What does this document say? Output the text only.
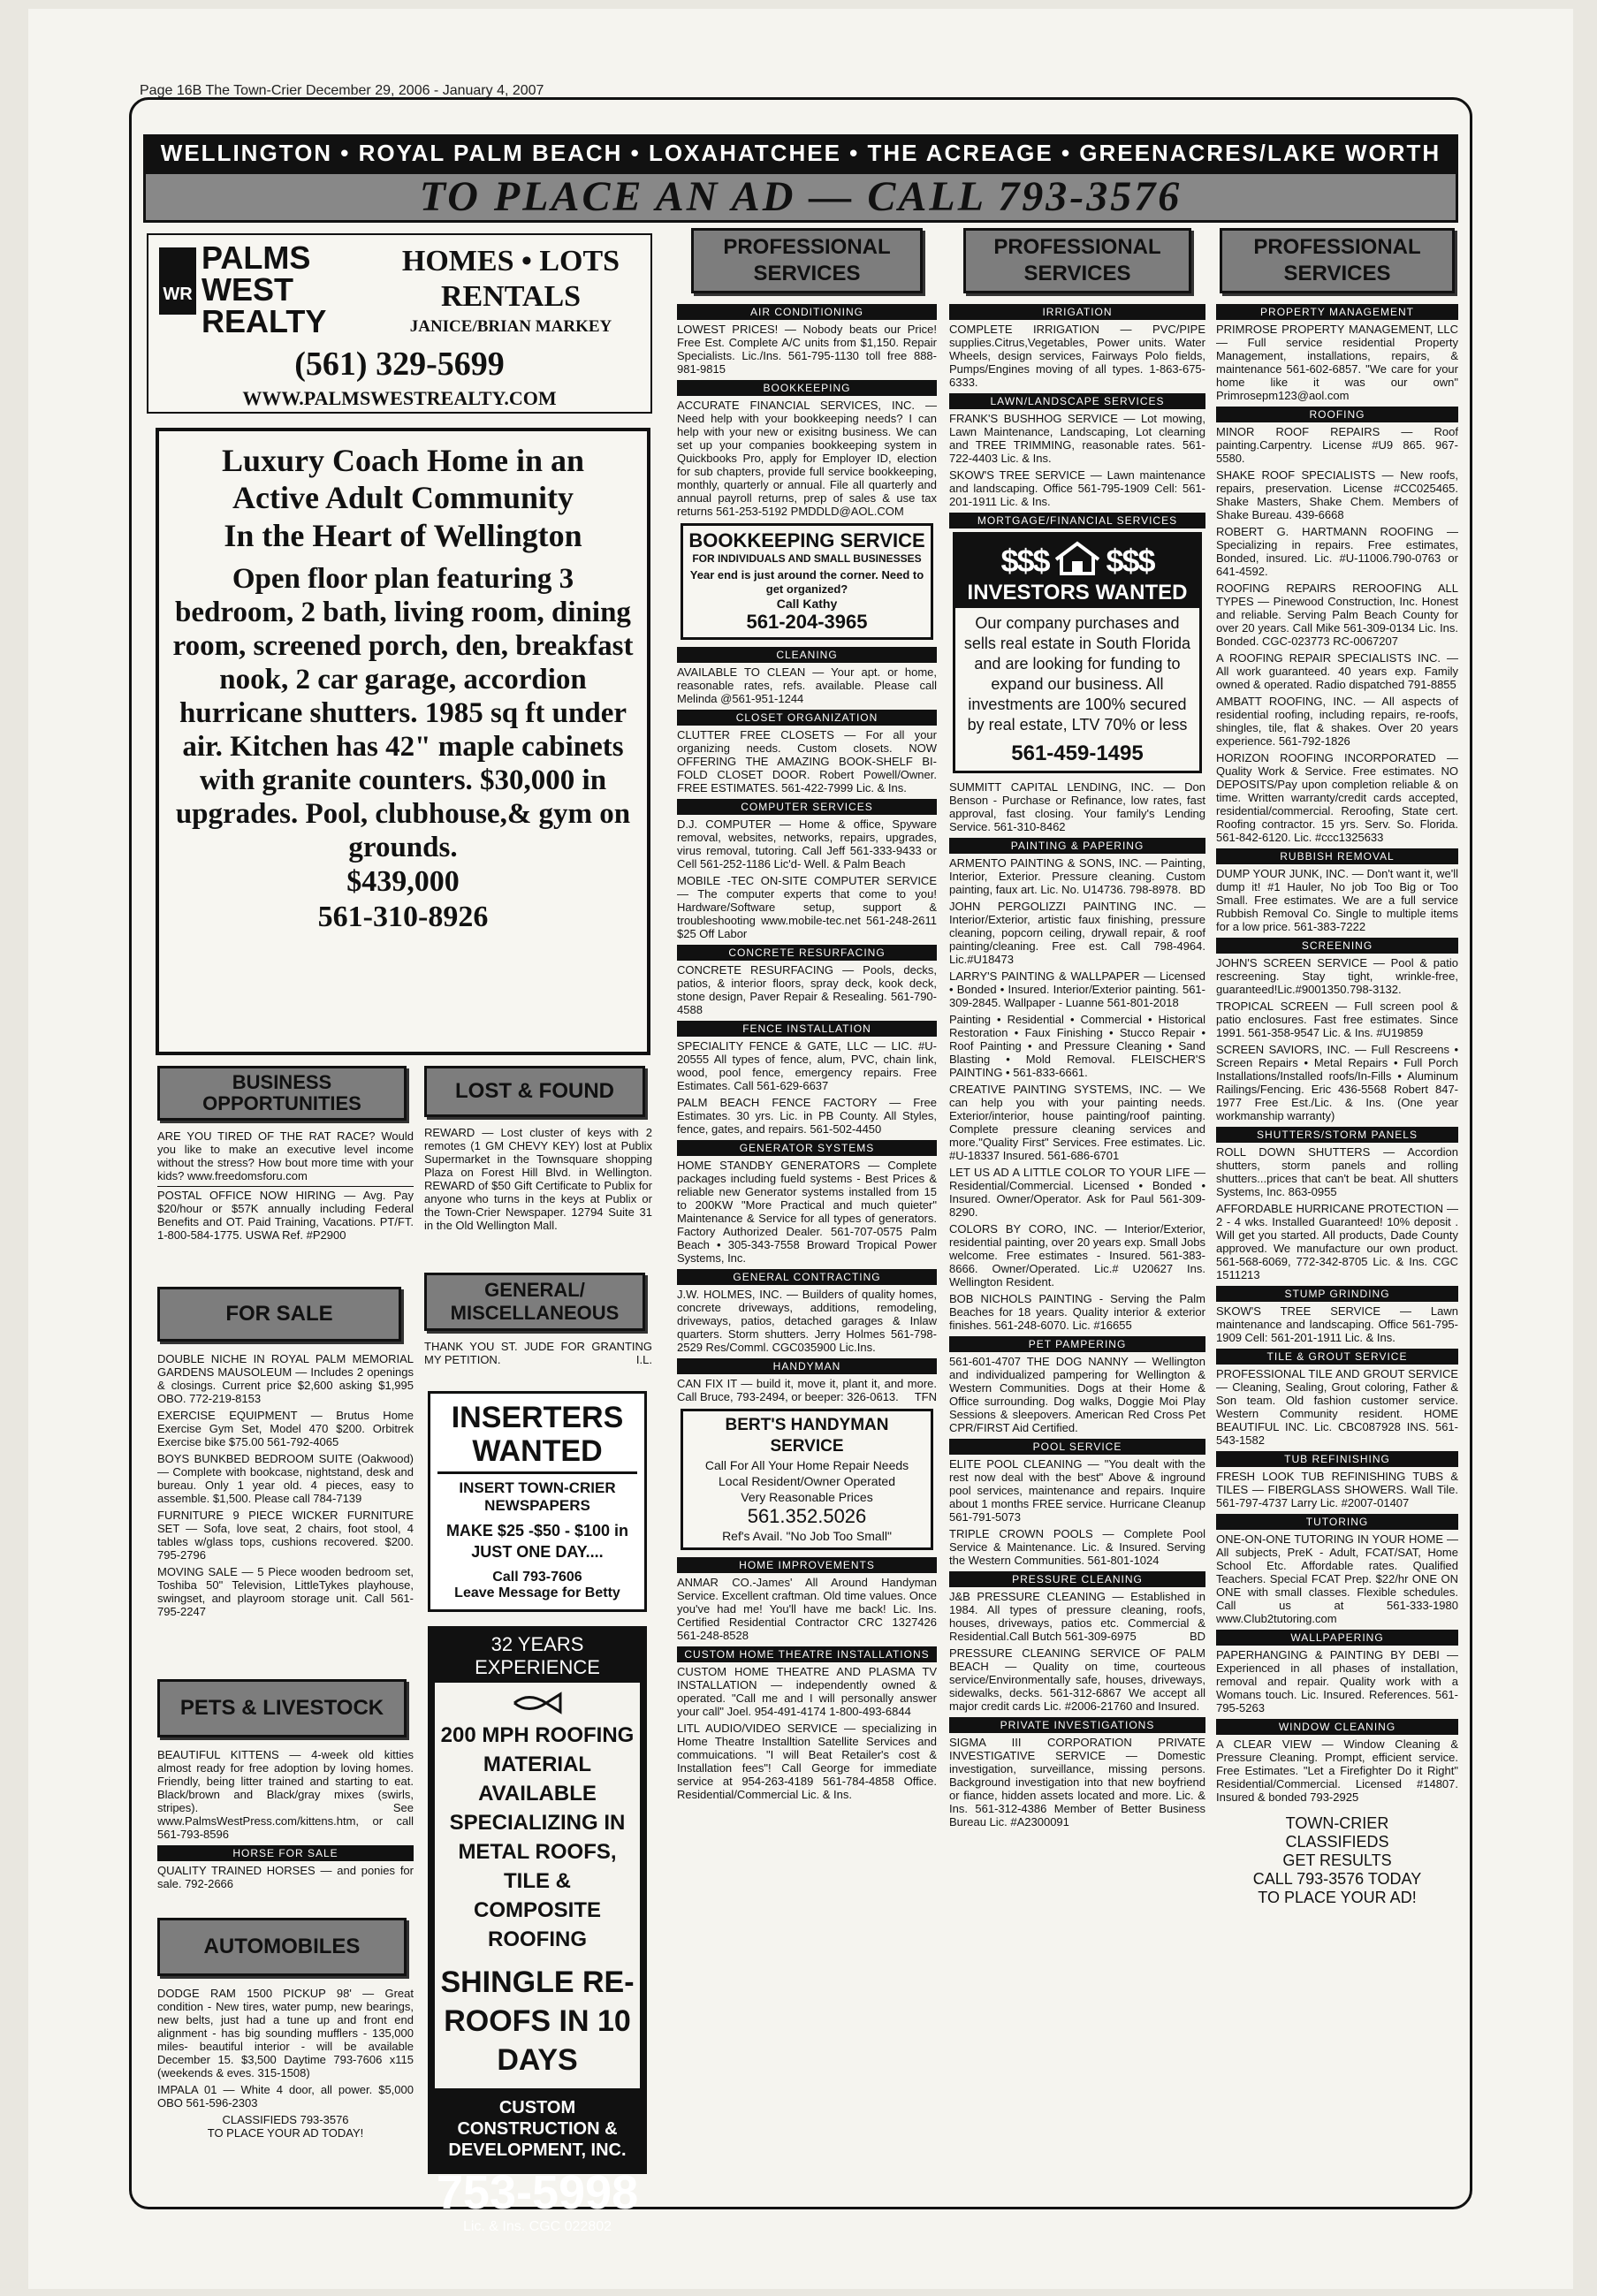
Page 16B The Town-Crier December 29, 2006 - January 4, 2007
WELLINGTON • ROYAL PALM BEACH • LOXAHATCHEE • THE ACREAGE • GREENACRES/LAKE WORTH
TO PLACE AN AD — CALL 793-3576
WR
PALMS
WEST
REALTY
HOMES • LOTS
RENTALS
JANICE/BRIAN MARKEY
(561) 329-5699
WWW.PALMSWESTREALTY.COM
Luxury Coach Home in an
Active Adult Community
In the Heart of Wellington
Open floor plan featuring 3 bedroom, 2 bath, living room, dining room, screened porch, den, breakfast nook, 2 car garage, accordion hurricane shutters. 1985 sq ft under air. Kitchen has 42" maple cabinets with granite counters. $30,000 in upgrades. Pool, clubhouse,& gym on grounds.
$439,000
561-310-8926
BUSINESS OPPORTUNITIES
ARE YOU TIRED OF THE RAT RACE? Would you like to make an executive level income without the stress? How bout more time with your kids? www.freedomsforu.com
POSTAL OFFICE NOW HIRING — Avg. Pay $20/hour or $57K annually including Federal Benefits and OT. Paid Training, Vacations. PT/FT. 1-800-584-1775. USWA Ref. #P2900
LOST & FOUND
REWARD — Lost cluster of keys with 2 remotes (1 GM CHEVY KEY) lost at Publix Supermarket in the Townsquare shopping Plaza on Forest Hill Blvd. in Wellington. REWARD of $50 Gift Certificate to Publix for anyone who turns in the keys at Publix or the Town-Crier Newspaper. 12794 Suite 31 in the Old Wellington Mall.
FOR SALE
DOUBLE NICHE IN ROYAL PALM MEMORIAL GARDENS MAUSOLEUM — Includes 2 openings & closings. Current price $2,600 asking $1,995 OBO. 772-219-8153
EXERCISE EQUIPMENT — Brutus Home Exercise Gym Set, Model 470 $200. Orbitrek Exercise bike $75.00 561-792-4065
BOYS BUNKBED BEDROOM SUITE (Oakwood) — Complete with bookcase, nightstand, desk and bureau. Only 1 year old. 4 pieces, easy to assemble. $1,500. Please call 784-7139
FURNITURE 9 PIECE WICKER FURNITURE SET — Sofa, love seat, 2 chairs, foot stool, 4 tables w/glass tops, cushions recovered. $200. 795-2796
MOVING SALE — 5 Piece wooden bedroom set, Toshiba 50" Television, LittleTykes playhouse, swingset, and playroom storage unit. Call 561-795-2247
PETS & LIVESTOCK
BEAUTIFUL KITTENS — 4-week old kitties almost ready for free adoption by loving homes. Friendly, being litter trained and starting to eat. Black/brown and Black/gray mixes (swirls, stripes). See www.PalmsWestPress.com/kittens.htm, or call 561-793-8596
HORSE FOR SALE
QUALITY TRAINED HORSES — and ponies for sale. 792-2666
AUTOMOBILES
DODGE RAM 1500 PICKUP 98' — Great condition - New tires, water pump, new bearings, new belts, just had a tune up and front end alignment - has big sounding mufflers - 135,000 miles- beautiful interior - will be available December 15. $3,500 Daytime 793-7606 x115 (weekends & eves. 315-1508)
IMPALA 01 — White 4 door, all power. $5,000 OBO 561-596-2303
CLASSIFIEDS 793-3576
TO PLACE YOUR AD TODAY!
GENERAL/ MISCELLANEOUS
THANK YOU ST. JUDE FOR GRANTING MY PETITION.	I.L.
INSERTERS
WANTED
INSERT TOWN-CRIER NEWSPAPERS
MAKE $25 -$50 - $100 in JUST ONE DAY....
Call 793-7606
Leave Message for Betty
32 YEARS EXPERIENCE
200 MPH ROOFING MATERIAL AVAILABLE SPECIALIZING IN METAL ROOFS, TILE & COMPOSITE ROOFING
SHINGLE RE-ROOFS IN 10 DAYS
CUSTOM CONSTRUCTION & DEVELOPMENT, INC.
753-5998
Lic. & Ins. CGC 022802
PROFESSIONAL SERVICES
AIR CONDITIONING
LOWEST PRICES! — Nobody beats our Price! Free Est. Complete A/C units from $1,150. Repair Specialists. Lic./Ins. 561-795-1130 toll free 888-981-9815
BOOKKEEPING
ACCURATE FINANCIAL SERVICES, INC. — Need help with your bookkeeping needs? I can help with your new or exisitng business. We can set up your companies bookkeeping system in Quickbooks Pro, apply for Employer ID, election for sub chapters, provide full service bookkeeping, monthly, quarterly or annual. File all quarterly and annual payroll returns, prep of sales & use tax returns 561-253-5192 PMDDLD@AOL.COM
BOOKKEEPING SERVICE
FOR INDIVIDUALS AND SMALL BUSINESSES
Year end is just around the corner. Need to get organized?
Call Kathy
561-204-3965
CLEANING
AVAILABLE TO CLEAN — Your apt. or home, reasonable rates, refs. available. Please call Melinda @561-951-1244
CLOSET ORGANIZATION
CLUTTER FREE CLOSETS — For all your organizing needs. Custom closets. NOW OFFERING THE AMAZING BOOK-SHELF BI-FOLD CLOSET DOOR. Robert Powell/Owner. FREE ESTIMATES. 561-422-7999 Lic. & Ins.
COMPUTER SERVICES
D.J. COMPUTER — Home & office, Spyware removal, websites, networks, repairs, upgrades, virus removal, tutoring. Call Jeff 561-333-9433 or Cell 561-252-1186 Lic'd- Well. & Palm Beach
MOBILE -TEC ON-SITE COMPUTER SERVICE — The computer experts that come to you! Hardware/Software setup, support & troubleshooting www.mobile-tec.net 561-248-2611 $25 Off Labor
CONCRETE RESURFACING
CONCRETE RESURFACING — Pools, decks, patios, & interior floors, spray deck, kook deck, stone design, Paver Repair & Resealing. 561-790-4588
FENCE INSTALLATION
SPECIALITY FENCE & GATE, LLC — LIC. #U-20555 All types of fence, alum, PVC, chain link, wood, pool fence, emergency repairs. Free Estimates. Call 561-629-6637
PALM BEACH FENCE FACTORY — Free Estimates. 30 yrs. Lic. in PB County. All Styles, fence, gates, and repairs. 561-502-4450
GENERATOR SYSTEMS
HOME STANDBY GENERATORS — Complete packages including fueld systems - Best Prices & reliable new Generator systems installed from 15 to 200KW "More Practical and much quieter" Maintenance & Service for all types of generators. Factory Authorized Dealer. 561-707-0575 Palm Beach • 305-343-7558 Broward Tropical Power Systems, Inc.
GENERAL CONTRACTING
J.W. HOLMES, INC. — Builders of quality homes, concrete driveways, additions, remodeling, driveways, patios, detached garages & Inlaw quarters. Storm shutters. Jerry Holmes 561-798-2529 Res/Comml. CGC035900 Lic.Ins.
HANDYMAN
CAN FIX IT — build it, move it, plant it, and more. Call Bruce, 793-2494, or beeper: 326-0613. TFN
BERT'S HANDYMAN SERVICE
Call For All Your Home Repair Needs
Local Resident/Owner Operated
Very Reasonable Prices
561.352.5026
Ref's Avail. "No Job Too Small"
HOME IMPROVEMENTS
ANMAR CO.-James' All Around Handyman Service. Excellent craftman. Old time values. Once you've had me! You'll have me back! Lic. Ins. Certified Residential Contractor CRC 1327426 561-248-8528
CUSTOM HOME THEATRE INSTALLATIONS
CUSTOM HOME THEATRE AND PLASMA TV INSTALLATION — independently owned & operated. "Call me and I will personally answer your call" Joel. 954-491-4174 1-800-493-6844
LITL AUDIO/VIDEO SERVICE — specializing in Home Theatre Installtion Satellite Services and commuications. "I will Beat Retailer's cost & Installation fees"! Call George for immediate service at 954-263-4189 561-784-4858 Office. Residential/Commercial Lic. & Ins.
PROFESSIONAL SERVICES
IRRIGATION
COMPLETE IRRIGATION — PVC/PIPE supplies.Citrus,Vegetables, Power units. Water Wheels, design services, Fairways Polo fields, Pumps/Engines moving of all types. 1-863-675-6333.
LAWN/LANDSCAPE SERVICES
FRANK'S BUSHHOG SERVICE — Lot mowing, Lawn Maintenance, Landscaping, Lot clearning and TREE TRIMMING, reasonable rates. 561-722-4403 Lic. & Ins.
SKOW'S TREE SERVICE — Lawn maintenance and landscaping. Office 561-795-1909 Cell: 561-201-1911 Lic. & Ins.
MORTGAGE/FINANCIAL SERVICES
$$$ $$$
INVESTORS WANTED
Our company purchases and sells real estate in South Florida and are looking for funding to expand our business. All investments are 100% secured by real estate, LTV 70% or less
561-459-1495
SUMMITT CAPITAL LENDING, INC. — Don Benson - Purchase or Refinance, low rates, fast approval, fast closing. Your family's Lending Service. 561-310-8462
PAINTING & PAPERING
ARMENTO PAINTING & SONS, INC. — Painting, Interior, Exterior. Pressure cleaning. Custom painting, faux art. Lic. No. U14736. 798-8978. BD
JOHN PERGOLIZZI PAINTING INC. — Interior/Exterior, artistic faux finishing, pressure cleaning, popcorn ceiling, drywall repair, & roof painting/cleaning. Free est. Call 798-4964. Lic.#U18473
LARRY'S PAINTING & WALLPAPER — Licensed • Bonded • Insured. Interior/Exterior painting. 561-309-2845. Wallpaper - Luanne 561-801-2018
Painting • Residential • Commercial • Historical Restoration • Faux Finishing • Stucco Repair • Roof Painting • and Pressure Cleaning • Sand Blasting • Mold Removal. FLEISCHER'S PAINTING • 561-833-6661.
CREATIVE PAINTING SYSTEMS, INC. — We can help you with your painting needs. Exterior/interior, house painting/roof painting. Complete pressure cleaning services and more."Quality First" Services. Free estimates. Lic. #U-18337 Insured. 561-686-6701
LET US AD A LITTLE COLOR TO YOUR LIFE — Residential/Commercial. Licensed • Bonded • Insured. Owner/Operator. Ask for Paul 561-309-8290.
COLORS BY CORO, INC. — Interior/Exterior, residential painting, over 20 years exp. Small Jobs welcome. Free estimates - Insured. 561-383-8666. Owner/Operated. Lic.# U20627 Ins. Wellington Resident.
BOB NICHOLS PAINTING - Serving the Palm Beaches for 18 years. Quality interior & exterior finishes. 561-248-6070. Lic. #16655
PET PAMPERING
561-601-4707 THE DOG NANNY — Wellington and individualized pampering for Wellington & Western Communities. Dogs at their Home & Office surrounding. Dog walks, Doggie Moi Play Sessions & sleepovers. American Red Cross Pet CPR/FIRST Aid Certified.
POOL SERVICE
ELITE POOL CLEANING — "You dealt with the rest now deal with the best" Above & inground pool services, maintenance and repairs. Inquire about 1 months FREE service. Hurricane Cleanup 561-791-5073
TRIPLE CROWN POOLS — Complete Pool Service & Maintenance. Lic. & Insured. Serving the Western Communities. 561-801-1024
PRESSURE CLEANING
J&B PRESSURE CLEANING — Established in 1984. All types of pressure cleaning, roofs, houses, driveways, patios etc. Commercial & Residential.Call Butch 561-309-6975	BD
PRESSURE CLEANING SERVICE OF PALM BEACH — Quality on time, courteous service/Environmentally safe, houses, driveways, sidewalks, decks. 561-312-6867 We accept all major credit cards Lic. #2006-21760 and Insured.
PRIVATE INVESTIGATIONS
SIGMA III CORPORATION PRIVATE INVESTIGATIVE SERVICE — Domestic investigation, surveillance, missing persons. Background investigation into that new boyfriend or fiance, hidden assets located and more. Lic. & Ins. 561-312-4386 Member of Better Business Bureau Lic. #A2300091
PROFESSIONAL SERVICES
PROPERTY MANAGEMENT
PRIMROSE PROPERTY MANAGEMENT, LLC — Full service residential Property Management, installations, repairs, & maintenance 561-602-6857. "We care for your home like it was our own" Primrosepm123@aol.com
ROOFING
MINOR ROOF REPAIRS — Roof painting.Carpentry. License #U9 865. 967-5580.
SHAKE ROOF SPECIALISTS — New roofs, repairs, preservation. License #CC025465. Shake Masters, Shake Chem. Members of Shake Bureau. 439-6668
ROBERT G. HARTMANN ROOFING — Specializing in repairs. Free estimates, Bonded, insured. Lic. #U-11006.790-0763 or 641-4592.
ROOFING REPAIRS REROOFING ALL TYPES — Pinewood Construction, Inc. Honest and reliable. Serving Palm Beach County for over 20 years. Call Mike 561-309-0134 Lic. Ins. Bonded. CGC-023773 RC-0067207
A ROOFING REPAIR SPECIALISTS INC. — All work guaranteed. 40 years exp. Family owned & operated. Radio dispatched 791-8855
AMBATT ROOFING, INC. — All aspects of residential roofing, including repairs, re-roofs, shingles, tile, flat & shakes. Over 20 years experience. 561-792-1826
HORIZON ROOFING INCORPORATED — Quality Work & Service. Free estimates. NO DEPOSITS/Pay upon completion reliable & on time. Written warranty/credit cards accepted, residential/commercial. Reroofing, State cert. Roofing contractor. 15 yrs. Serv. So. Florida. 561-842-6120. Lic. #ccc1325633
RUBBISH REMOVAL
DUMP YOUR JUNK, INC. — Don't want it, we'll dump it! #1 Hauler, No job Too Big or Too Small. Free estimates. We are a full service Rubbish Removal Co. Single to multiple items for a low price. 561-383-7222
SCREENING
JOHN'S SCREEN SERVICE — Pool & patio rescreening. Stay tight, wrinkle-free, guaranteed!Lic.#9001350.798-3132.
TROPICAL SCREEN — Full screen pool & patio enclosures. Fast free estimates. Since 1991. 561-358-9547 Lic. & Ins. #U19859
SCREEN SAVIORS, INC. — Full Rescreens • Screen Repairs • Metal Repairs • Full Porch Installations/Installed roofs/In-Fills • Aluminum Railings/Fencing. Eric 436-5568 Robert 847-1977 Free Est./Lic. & Ins. (One year workmanship warranty)
SHUTTERS/STORM PANELS
ROLL DOWN SHUTTERS — Accordion shutters, storm panels and rolling shutters...prices that can't be beat. All shutters Systems, Inc. 863-0955
AFFORDABLE HURRICANE PROTECTION — 2 - 4 wks. Installed Guaranteed! 10% deposit . Will get you started. All products, Dade County approved. We manufacture our own product. 561-568-6069, 772-342-8705 Lic. & Ins. CGC 1511213
STUMP GRINDING
SKOW'S TREE SERVICE — Lawn maintenance and landscaping. Office 561-795-1909 Cell: 561-201-1911 Lic. & Ins.
TILE & GROUT SERVICE
PROFESSIONAL TILE AND GROUT SERVICE — Cleaning, Sealing, Grout coloring, Father & Son team. Old fashion customer service. Western Community resident. HOME BEAUTIFUL INC. Lic. CBC087928 INS. 561-543-1582
TUB REFINISHING
FRESH LOOK TUB REFINISHING TUBS & TILES — FIBERGLASS SHOWERS. Wall Tile. 561-797-4737 Larry Lic. #2007-01407
TUTORING
ONE-ON-ONE TUTORING IN YOUR HOME — All subjects, PreK - Adult, FCAT/SAT, Home School Etc. Affordable rates. Qualified Teachers. Special FCAT Prep. $22/hr ONE ON ONE with small classes. Flexible schedules. Call us at 561-333-1980 www.Club2tutoring.com
WALLPAPERING
PAPERHANGING & PAINTING BY DEBI — Experienced in all phases of installation, removal and repair. Quality work with a Womans touch. Lic. Insured. References. 561-795-5263
WINDOW CLEANING
A CLEAR VIEW — Window Cleaning & Pressure Cleaning. Prompt, efficient service. Free Estimates. "Let a Firefighter Do it Right" Residential/Commercial. Licensed #14807. Insured & bonded 793-2925
TOWN-CRIER
CLASSIFIEDS
GET RESULTS
CALL 793-3576 TODAY
TO PLACE YOUR AD!
